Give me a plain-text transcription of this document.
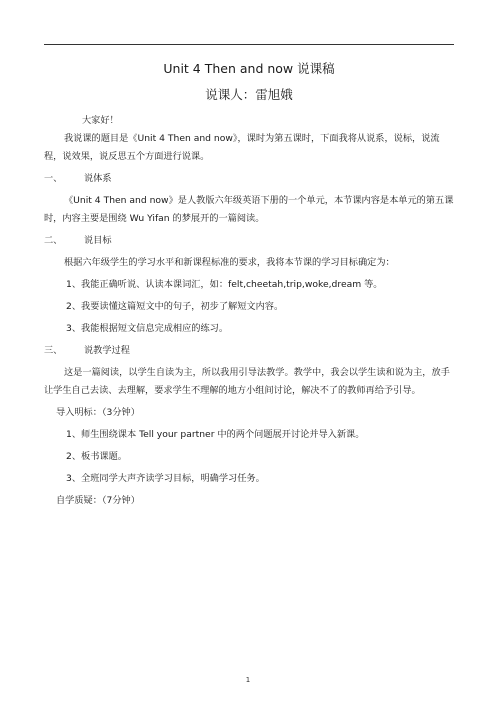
Unit 4 Then and now 说课稿
说课人：雷旭娥

大家好！

我说课的题目是《Unit 4 Then and now》，课时为第五课时，下面我将从说系，说标，说流程，说效果，说反思五个方面进行说课。

一、 说体系

《Unit 4 Then and now》是人教版六年级英语下册的一个单元，本节课内容是本单元的第五课时，内容主要是围绕 Wu Yifan 的梦展开的一篇阅读。

二、 说目标

根据六年级学生的学习水平和新课程标准的要求，我将本节课的学习目标确定为：

1、我能正确听说、认读本课词汇，如：felt,cheetah,trip,woke,dream 等。

2、我要读懂这篇短文中的句子，初步了解短文内容。

3、我能根据短文信息完成相应的练习。

三、 说教学过程

这是一篇阅读，以学生自读为主，所以我用引导法教学。教学中，我会以学生读和说为主，放手让学生自己去读、去理解，要求学生不理解的地方小组间讨论，解决不了的教师再给予引导。

导入明标：（3分钟）

1、师生围绕课本 Tell your partner 中的两个问题展开讨论并导入新课。

2、板书课题。

3、全班同学大声齐读学习目标，明确学习任务。

自学质疑：（7分钟）

1
